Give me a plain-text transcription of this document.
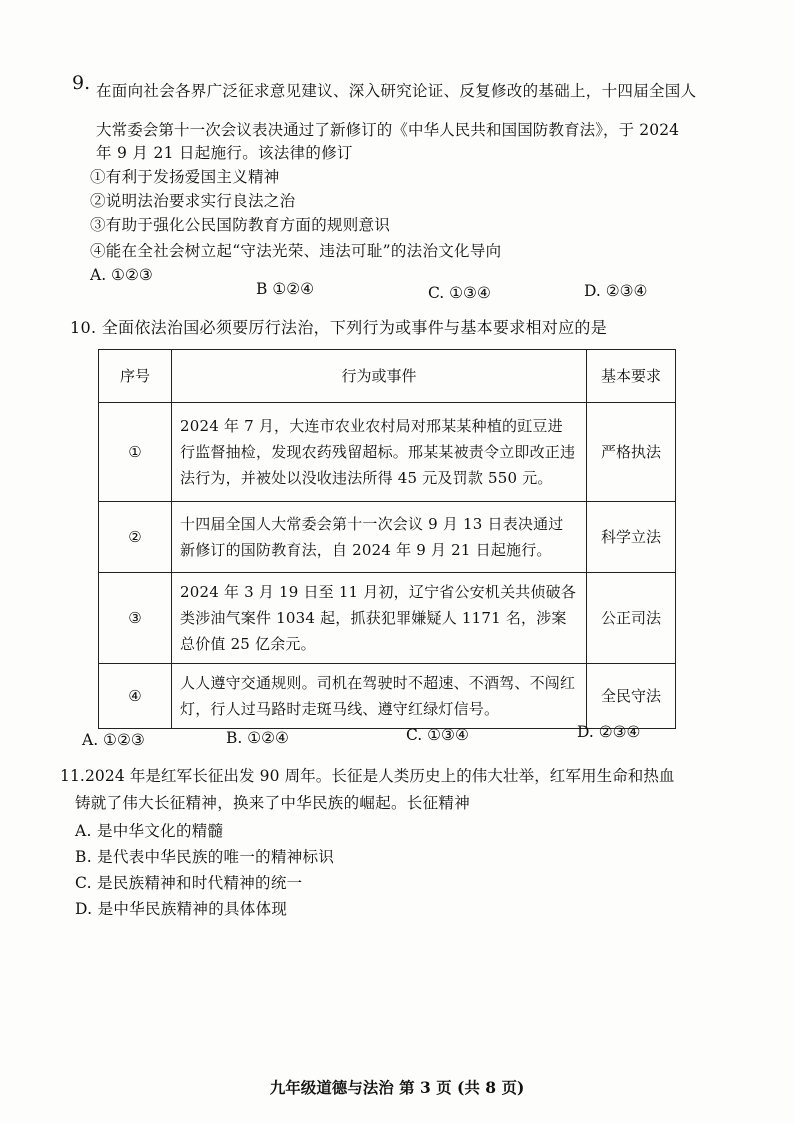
9. 在面向社会各界广泛征求意见建议、深入研究论证、反复修改的基础上，十四届全国人
大常委会第十一次会议表决通过了新修订的《中华人民共和国国防教育法》，于 2024
年 9 月 21 日起施行。该法律的修订
①有利于发扬爱国主义精神
②说明法治要求实行良法之治
③有助于强化公民国防教育方面的规则意识
④能在全社会树立起“守法光荣、违法可耻”的法治文化导向
A. ①②③
B ①②④	C. ①③④	D. ②③④
10. 全面依法治国必须要厉行法治，下列行为或事件与基本要求相对应的是
序号	行为或事件	基本要求
①	2024 年 7 月，大连市农业农村局对邢某某种植的豇豆进行监督抽检，发现农药残留超标。邢某某被责令立即改正违法行为，并被处以没收违法所得 45 元及罚款 550 元。	严格执法
②	十四届全国人大常委会第十一次会议 9 月 13 日表决通过新修订的国防教育法，自 2024 年 9 月 21 日起施行。	科学立法
③	2024 年 3 月 19 日至 11 月初，辽宁省公安机关共侦破各类涉油气案件 1034 起，抓获犯罪嫌疑人 1171 名，涉案总价值 25 亿余元。	公正司法
④	人人遵守交通规则。司机在驾驶时不超速、不酒驾、不闯红灯，行人过马路时走斑马线、遵守红绿灯信号。	全民守法
A. ①②③	B. ①②④	C. ①③④	D. ②③④
11.2024 年是红军长征出发 90 周年。长征是人类历史上的伟大壮举，红军用生命和热血
铸就了伟大长征精神，换来了中华民族的崛起。长征精神
A. 是中华文化的精髓
B. 是代表中华民族的唯一的精神标识
C. 是民族精神和时代精神的统一
D. 是中华民族精神的具体体现
九年级道德与法治 第 3 页 (共 8 页)
